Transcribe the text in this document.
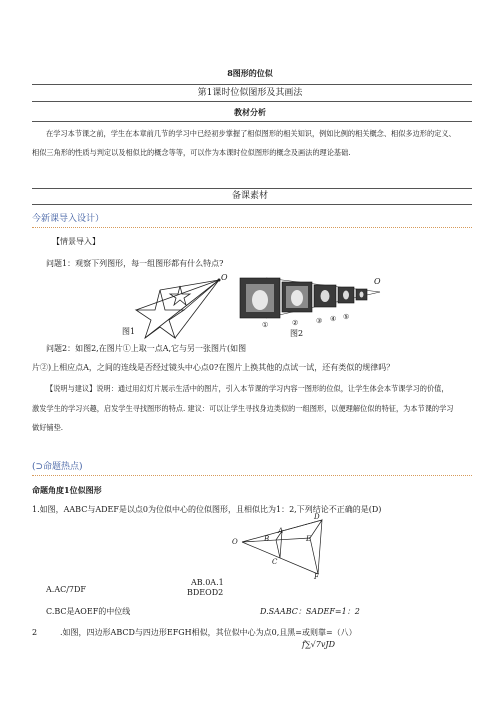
8图形的位似
第1课时位似图形及其画法
教材分析
在学习本节课之前，学生在本章前几节的学习中已经初步掌握了相似图形的相关知识，例如比例的相关概念、相似多边形的定义、
相似三角形的性质与判定以及相似比的概念等等，可以作为本课时位似图形的概念及画法的理论基础.
备课素材
今新课导入设计）
【情景导入】
问题1：观察下列图形，每一组图形都有什么特点?
O
图1
O
①	②	③ ④ ⑤
图2
问题2：如图2,在图片①上取一点A,它与另一张图片(如图
片②)上相应点A，之间的连线是否经过镜头中心点0?在图片上换其他的点试一试，还有类似的规律吗？
【说明与建议】说明：通过用幻灯片展示生活中的图片，引入本节课的学习内容一图形的位似，让学生体会本节课学习的价值，
激发学生的学习兴趣，启发学生寻找图形的特点. 建议：可以让学生寻找身边类似的一组图形，以便理解位似的特征，为本节课的学习
做好铺垫.
(⊃命题热点)
命题角度1位似图形
1.如图，AABC与ADEF是以点0为位似中心的位似图形，且相似比为1：2,下列结论不正确的是(D)
O	B
A
C
D
E
F
AB.0A.1
A.AC/7DF	BDEOD2
C.BC是AOEF的中位线	D.SAABC：SADEF=1：2
2	.如图，四边形ABCD与四边形EFGH相似，其位似中心为点0,且黑=或则靠=（八）
f∑√7vJD
